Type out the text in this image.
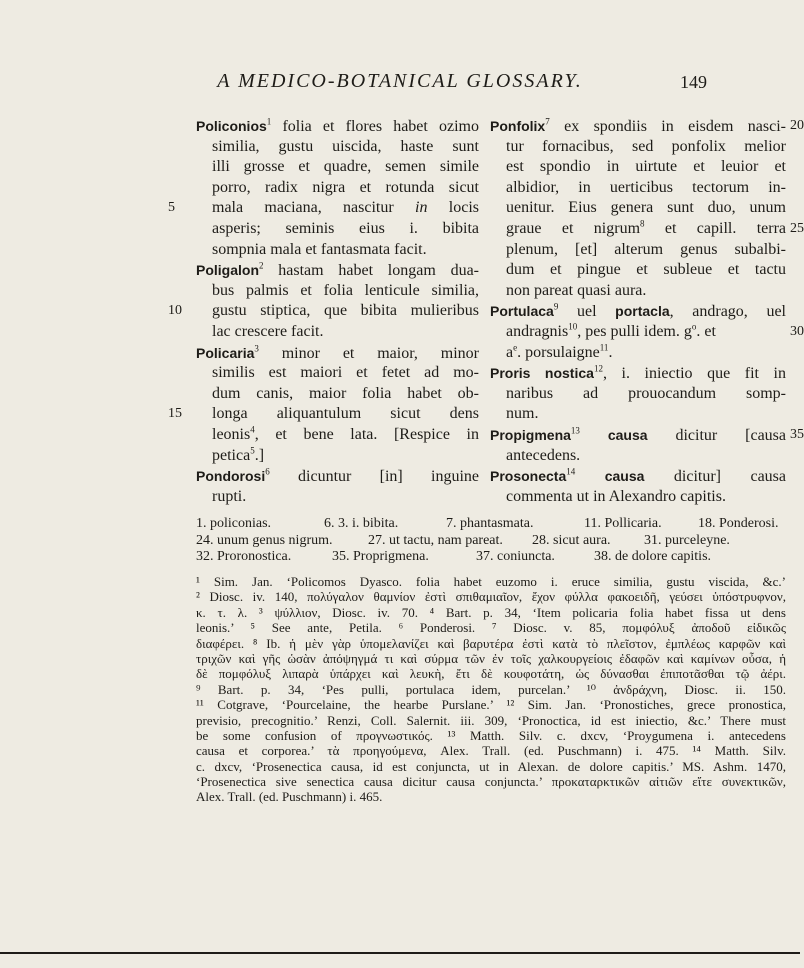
A MEDICO-BOTANICAL GLOSSARY.	149
Policonios$^1$ folia et flores habet ozimo
similia, gustu uiscida, haste sunt
illi grosse et quadre, semen simile
porro, radix nigra et rotunda sicut
5 mala maciana, nascitur in locis
asperis; seminis eius i. bibita
sompnia mala et fantasmata facit.
Poligalon$^2$ hastam habet longam dua-
bus palmis et folia lenticule similia,
10 gustu stiptica, que bibita mulieribus
lac crescere facit.
Policaria$^3$ minor et maior, minor
similis est maiori et fetet ad mo-
dum canis, maior folia habet ob-
15 longa aliquantulum sicut dens
leonis$^4$, et bene lata. [Respice in
petica$^5$.]
Pondorosi$^6$ dicuntur [in] inguine
rupti.
Ponfolix$^7$ ex spondiis in eisdem nasci- 20
tur fornacibus, sed ponfolix melior
est spondio in uirtute et leuior et
albidior, in uerticibus tectorum in-
uenitur. Eius genera sunt duo, unum
graue et nigrum$^8$ et capill. terra 25
plenum, [et] alterum genus subalbi-
dum et pingue et subleue et tactu
non pareat quasi aura.
Portulaca$^9$ uel portacla, andrago, uel
andragnis$^{10}$, pes pulli idem. $g^o$. et	30
$a^e$. porsulaigne$^{11}$.
Proris nostica$^{12}$, i. iniectio que fit in
naribus ad prouocandum somp-
num.
Propigmena$^{13}$ causa dicitur [causa 35
antecedens.
Prosonecta$^{14}$ causa dicitur] causa
commenta ut in Alexandro capitis.
1. policonias.	6. 3. i. bibita.	7. phantasmata.	11. Pollicaria.	18. Ponderosi.
24. unum genus nigrum.	27. ut tactu, nam pareat. 28. sicut aura. 31. purceleyne.
32. Proronostica.	35. Proprigmena.	37. coniuncta.	38. de dolore capitis.
¹ Sim. Jan. ‘Policomos Dyasco. folia habet euzomo i. eruce similia, gustu viscida, &c.’
² Diosc. iv. 140, πολύγαλον θαμνίον ἐστὶ σπιθαμιαῖον, ἔχον φύλλα φακοειδῆ, γεύσει ὑπόστρυφνον,
κ. τ. λ. ³ ψύλλιον, Diosc. iv. 70. ⁴ Bart. p. 34, ‘Item policaria folia habet fissa ut dens
leonis.’ ⁵ See ante, Petila. ⁶ Ponderosi. ⁷ Diosc. v. 85, πομφόλυξ ἀποδοῦ εἰδικῶς
διαφέρει. ⁸ Ib. ἡ μὲν γὰρ ὑπομελανίζει καὶ βαρυτέρα ἐστὶ κατὰ τὸ πλεῖστον, ἐμπλέως καρφῶν καὶ
τριχῶν καὶ γῆς ὡσὰν ἀπόψηγμά τι καὶ σύρμα τῶν ἐν τοῖς χαλκουργείοις ἐδαφῶν καὶ καμίνων οὖσα, ἡ
δὲ πομφόλυξ λιπαρὰ ὑπάρχει καὶ λευκὴ, ἔτι δὲ κουφοτάτη, ὡς δύνασθαι ἐπιποτᾶσθαι τῷ ἀέρι.
⁹ Bart. p. 34, ‘Pes pulli, portulaca idem, purcelan.’ ¹⁰ ἀνδράχνη, Diosc. ii. 150.
¹¹ Cotgrave, ‘Pourcelaine, the hearbe Purslane.’ ¹² Sim. Jan. ‘Pronostiches, grece pronostica,
previsio, precognitio.’ Renzi, Coll. Salernit. iii. 309, ‘Pronoctica, id est iniectio, &c.’ There must
be some confusion of προγνωστικός. ¹³ Matth. Silv. c. dxcv, ‘Proygumena i. antecedens
causa et corporea.’ τὰ προηγούμενα, Alex. Trall. (ed. Puschmann) i. 475. ¹⁴ Matth. Silv.
c. dxcv, ‘Prosenectica causa, id est conjuncta, ut in Alexan. de dolore capitis.’ MS. Ashm. 1470,
‘Prosenectica sive senectica causa dicitur causa conjuncta.’ προκαταρκτικῶν αἰτιῶν εἴτε συνεκτικῶν,
Alex. Trall. (ed. Puschmann) i. 465.
